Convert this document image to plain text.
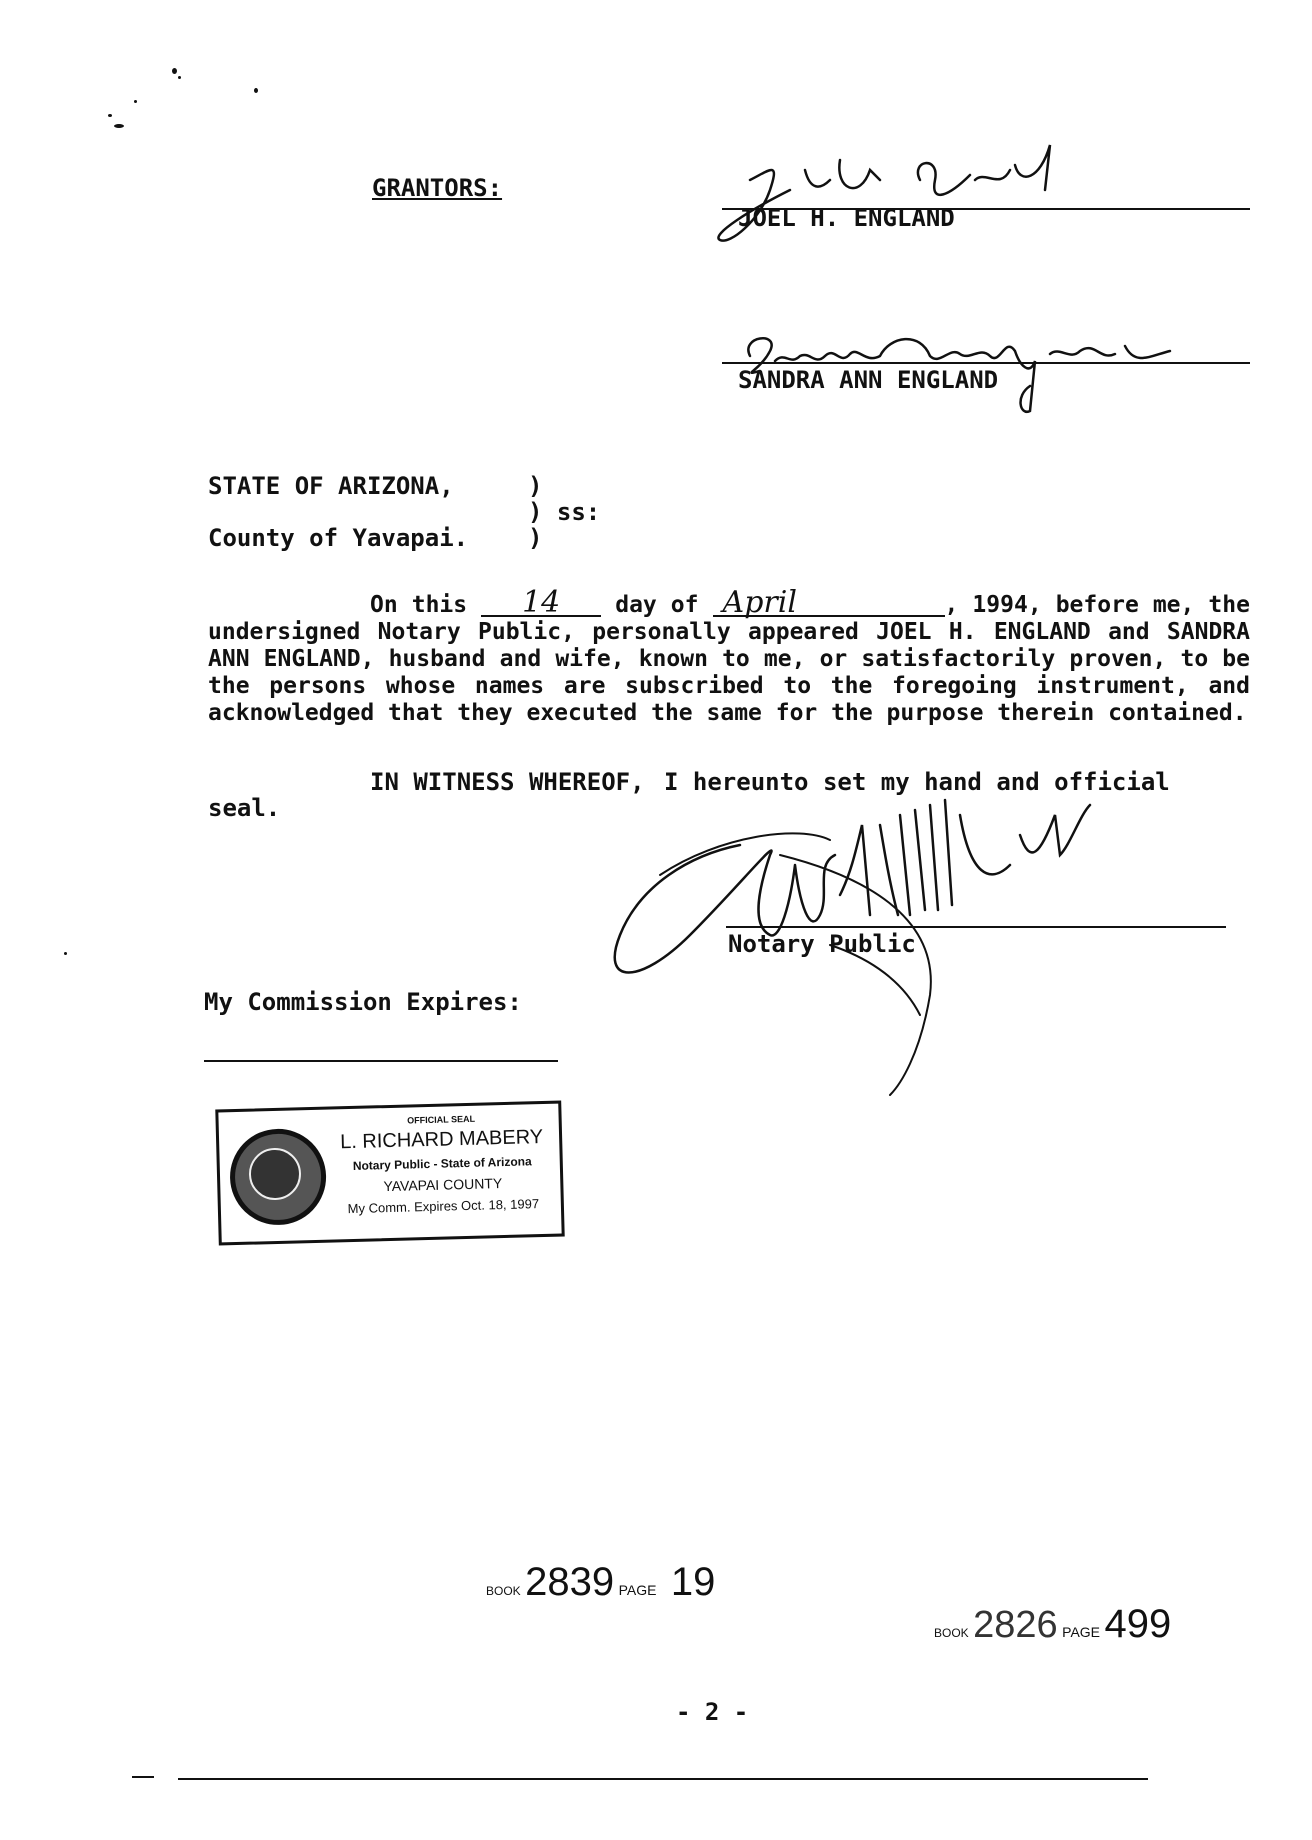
GRANTORS:
JOEL H. ENGLAND
SANDRA ANN ENGLAND
STATE OF ARIZONA,	)
) ss:
County of Yavapai. )
On this 14 day of April	, 1994, before me, the undersigned Notary Public, personally appeared JOEL H. ENGLAND and SANDRA ANN ENGLAND, husband and wife, known to me, or satisfactorily proven, to be the persons whose names are subscribed to the foregoing instrument, and acknowledged that they executed the same for the purpose therein contained.
IN WITNESS WHEREOF, I hereunto set my hand and official
seal.
Notary Public
My Commission Expires:
OFFICIAL SEAL
L. RICHARD MABERY
Notary Public - State of Arizona
YAVAPAI COUNTY
My Comm. Expires Oct. 18, 1997
BOOK 2839 PAGE 19
BOOK 2826 PAGE 499
- 2 -
